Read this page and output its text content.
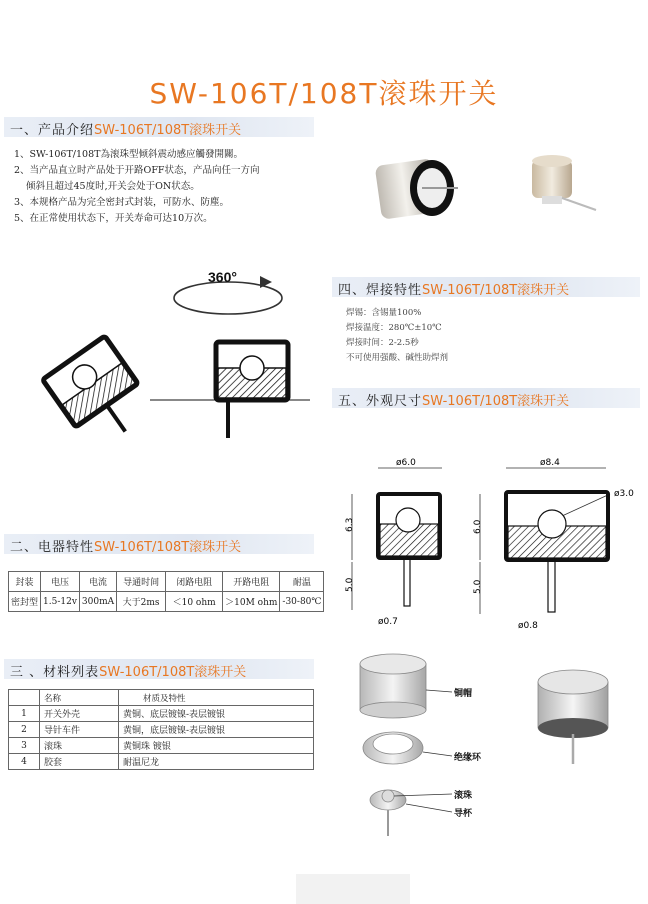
SW-106T/108T滚珠开关
一、产品介绍SW-106T/108T滚珠开关
1、SW-106T/108T為滚珠型倾斜震动感应觸發開關。
2、当产品直立时产品处于开路OFF状态，产品向任一方向
倾斜且超过45度时,开关会处于ON状态。
3、本规格产品为完全密封式封装，可防水、防塵。
5、在正常使用状态下，开关寿命可达10万次。
360°
四、焊接特性SW-106T/108T滚珠开关
焊锡：含锡量100%
焊接温度：280℃±10℃
焊接时间：2-2.5秒
不可使用强酸、碱性助焊剂
五、外观尺寸SW-106T/108T滚珠开关
ø6.0
6.3
5.0
ø0.7
ø8.4
ø3.0
6.0
5.0
ø0.8
二、电器特性SW-106T/108T滚珠开关
封装	电压	电流	导通时间	闭路电阻	开路电阻	耐温
密封型	1.5-12v	300mA	大于2ms	＜10 ohm	＞10M ohm	-30-80℃
三 、材料列表SW-106T/108T滚珠开关
	名称	材质及特性
1	开关外壳	黄铜、底层镀镍-表层镀银
2	导针车件	黄铜，底层镀镍-表层镀银
3	滚珠	黄铜珠 镀银
4	胶套	耐温尼龙
铜帽
绝缘环
滚珠
导杯
